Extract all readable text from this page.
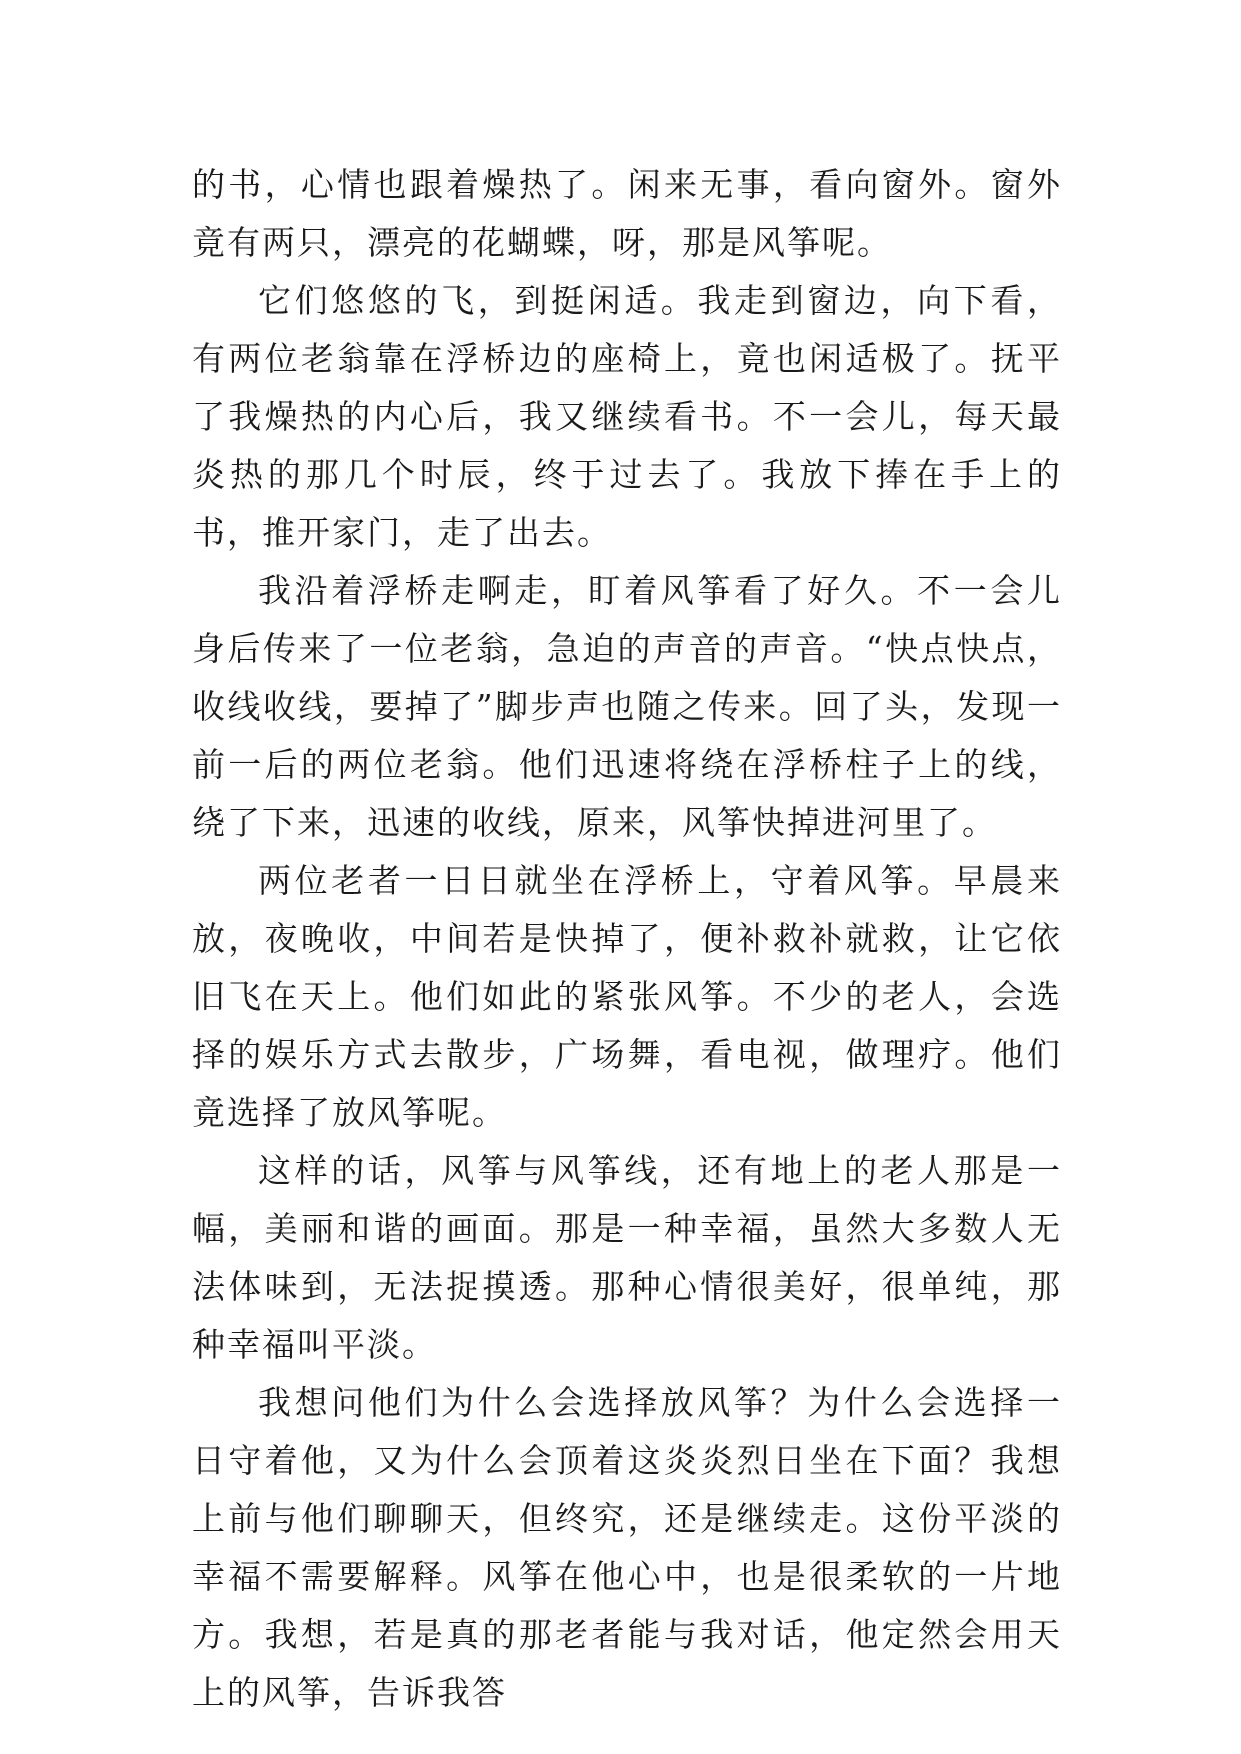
的书，心情也跟着燥热了。闲来无事，看向窗外。窗外竟有两只，漂亮的花蝴蝶，呀，那是风筝呢。

它们悠悠的飞，到挺闲适。我走到窗边，向下看，有两位老翁靠在浮桥边的座椅上，竟也闲适极了。抚平了我燥热的内心后，我又继续看书。不一会儿，每天最炎热的那几个时辰，终于过去了。我放下捧在手上的书，推开家门，走了出去。

我沿着浮桥走啊走，盯着风筝看了好久。不一会儿身后传来了一位老翁，急迫的声音的声音。“快点快点，收线收线，要掉了”脚步声也随之传来。回了头，发现一前一后的两位老翁。他们迅速将绕在浮桥柱子上的线，绕了下来，迅速的收线，原来，风筝快掉进河里了。

两位老者一日日就坐在浮桥上，守着风筝。早晨来放，夜晚收，中间若是快掉了，便补救补就救，让它依旧飞在天上。他们如此的紧张风筝。不少的老人，会选择的娱乐方式去散步，广场舞，看电视，做理疗。他们竟选择了放风筝呢。

这样的话，风筝与风筝线，还有地上的老人那是一幅，美丽和谐的画面。那是一种幸福，虽然大多数人无法体味到，无法捉摸透。那种心情很美好，很单纯，那种幸福叫平淡。

我想问他们为什么会选择放风筝？为什么会选择一日守着他，又为什么会顶着这炎炎烈日坐在下面？我想上前与他们聊聊天，但终究，还是继续走。这份平淡的幸福不需要解释。风筝在他心中，也是很柔软的一片地方。我想，若是真的那老者能与我对话，他定然会用天上的风筝，告诉我答
